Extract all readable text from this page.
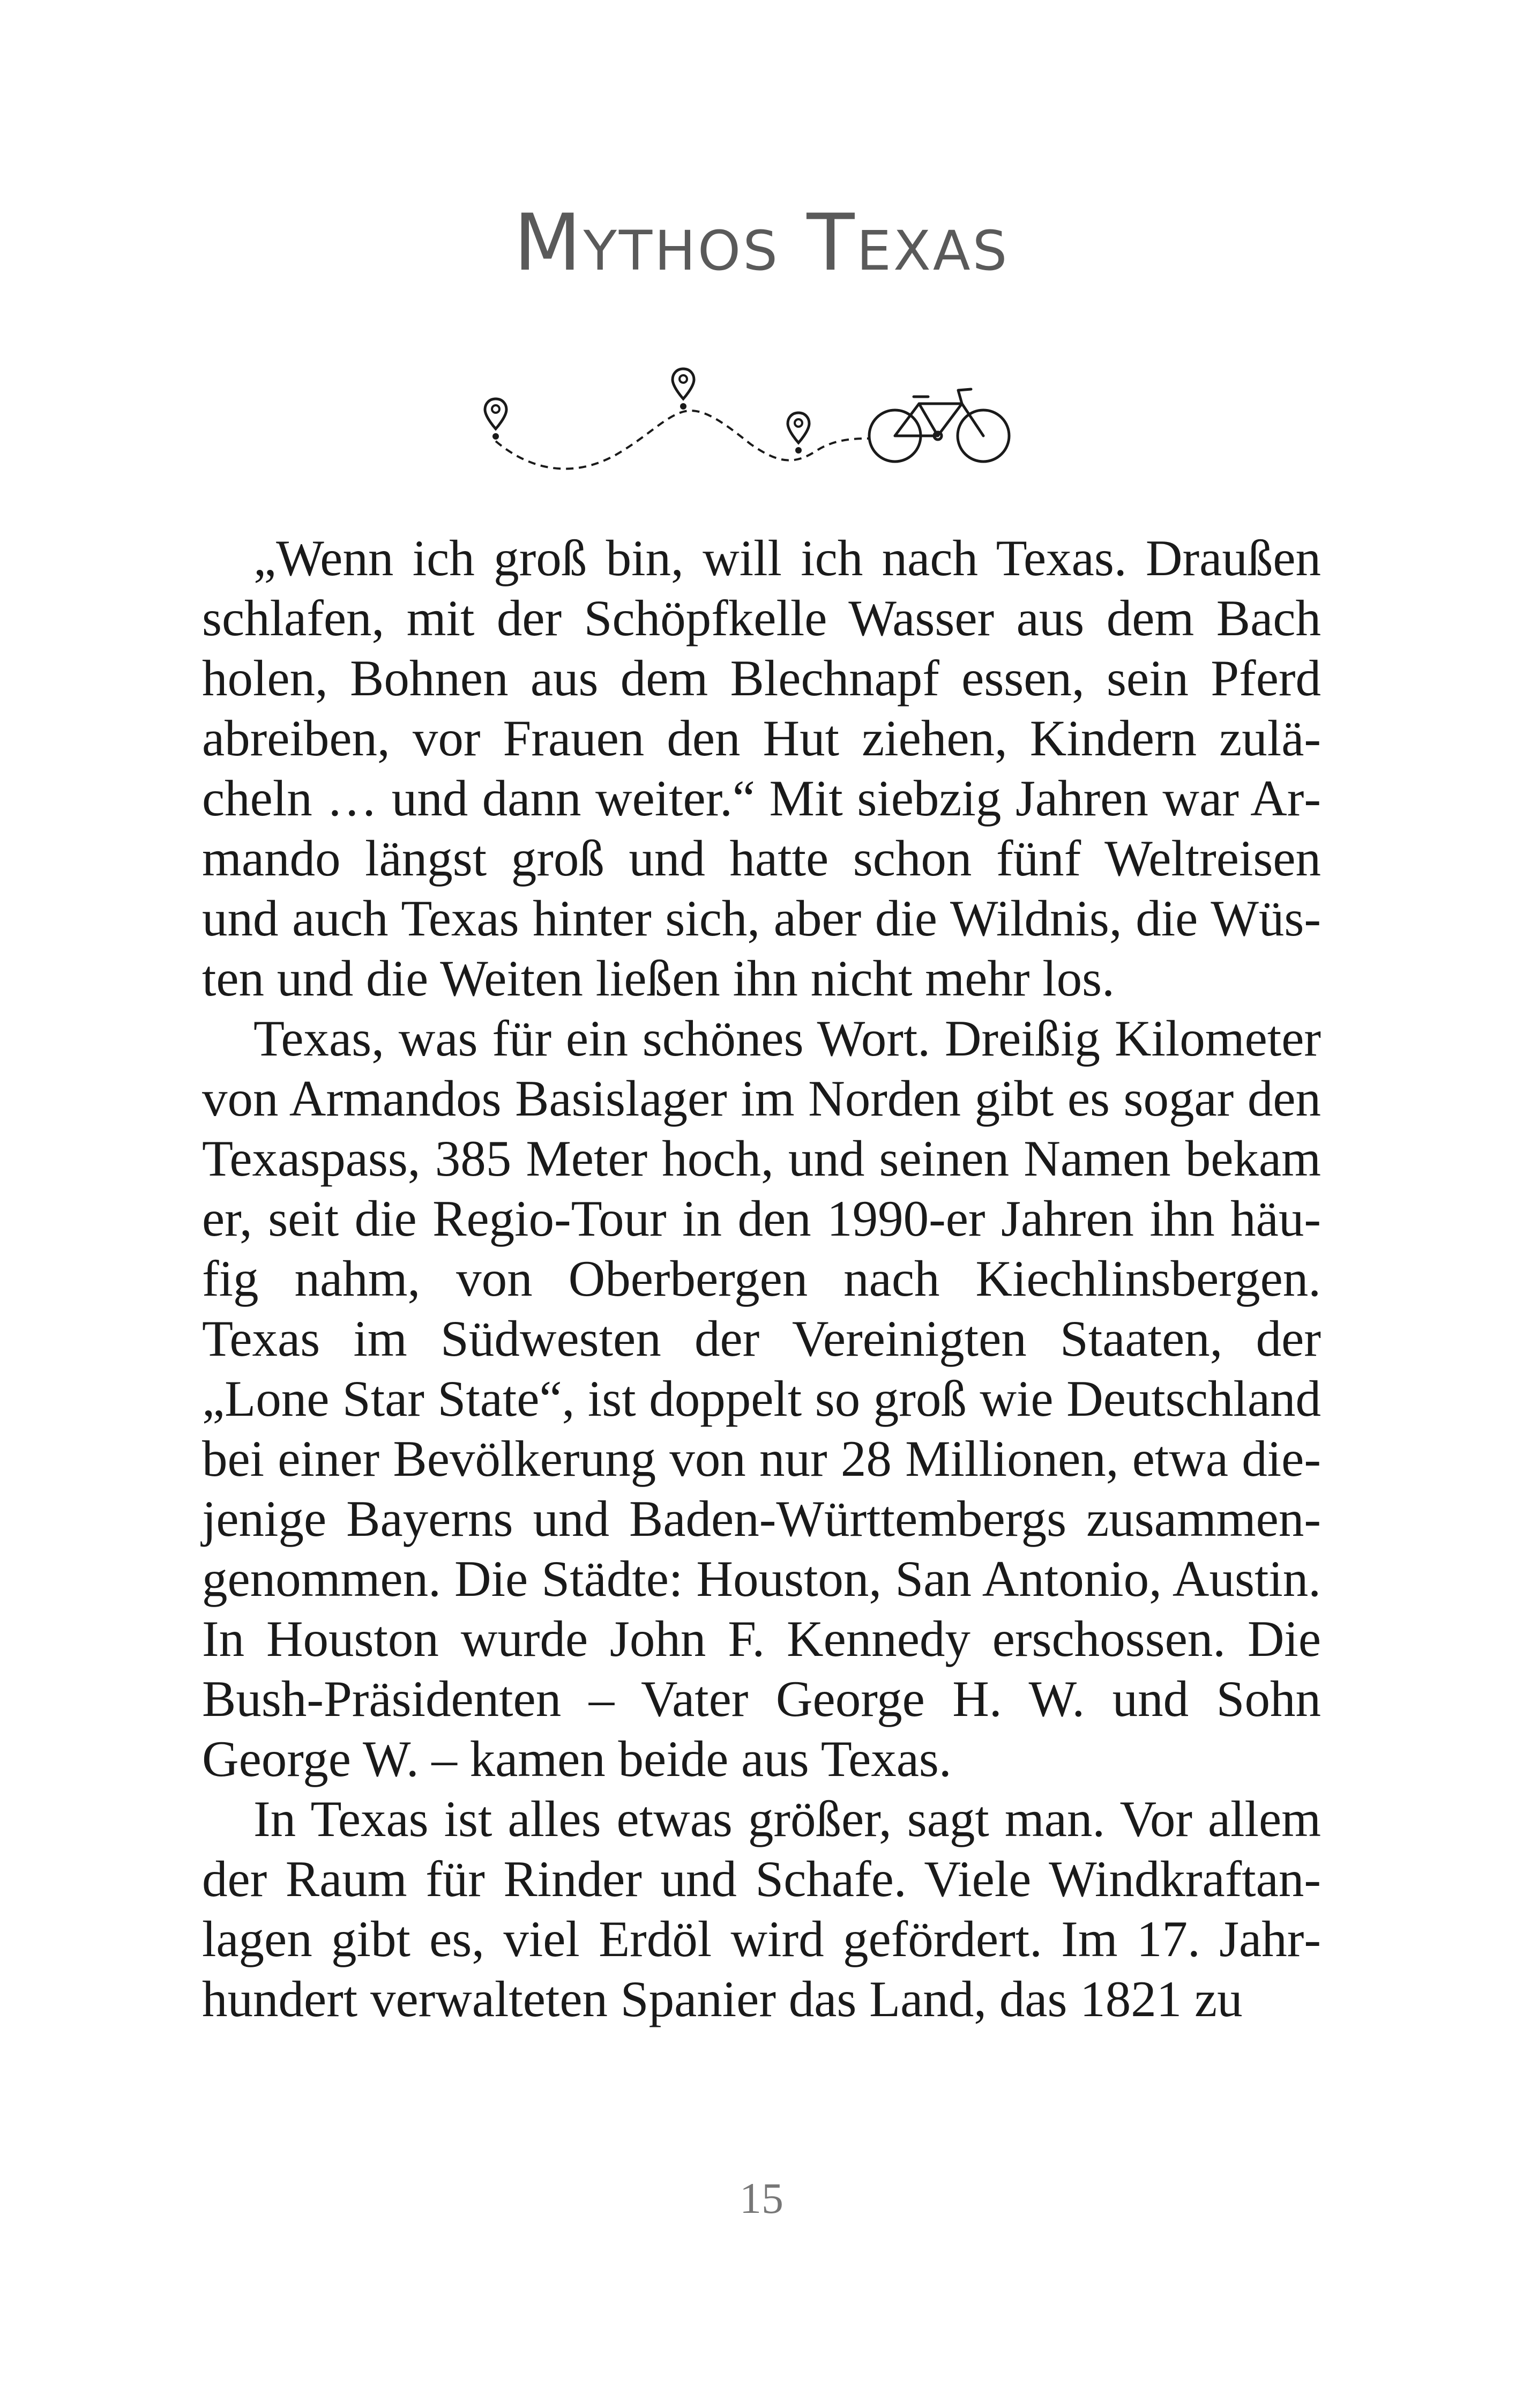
Mythos Texas

„Wenn ich groß bin, will ich nach Texas. Draußen schlafen, mit der Schöpfkelle Wasser aus dem Bach holen, Bohnen aus dem Blechnapf essen, sein Pferd abreiben, vor Frauen den Hut ziehen, Kindern zulächeln … und dann weiter.“ Mit siebzig Jahren war Armando längst groß und hatte schon fünf Weltreisen und auch Texas hinter sich, aber die Wildnis, die Wüsten und die Weiten ließen ihn nicht mehr los.

Texas, was für ein schönes Wort. Dreißig Kilometer von Armandos Basislager im Norden gibt es sogar den Texaspass, 385 Meter hoch, und seinen Namen bekam er, seit die Regio-Tour in den 1990-er Jahren ihn häufig nahm, von Oberbergen nach Kiechlinsbergen. Texas im Südwesten der Vereinigten Staaten, der „Lone Star State“, ist doppelt so groß wie Deutschland bei einer Bevölkerung von nur 28 Millionen, etwa diejenige Bayerns und Baden-Württembergs zusammengenommen. Die Städte: Houston, San Antonio, Austin. In Houston wurde John F. Kennedy erschossen. Die Bush-Präsidenten – Vater George H. W. und Sohn George W. – kamen beide aus Texas.

In Texas ist alles etwas größer, sagt man. Vor allem der Raum für Rinder und Schafe. Viele Windkraftanlagen gibt es, viel Erdöl wird gefördert. Im 17. Jahrhundert verwalteten Spanier das Land, das 1821 zu

15
